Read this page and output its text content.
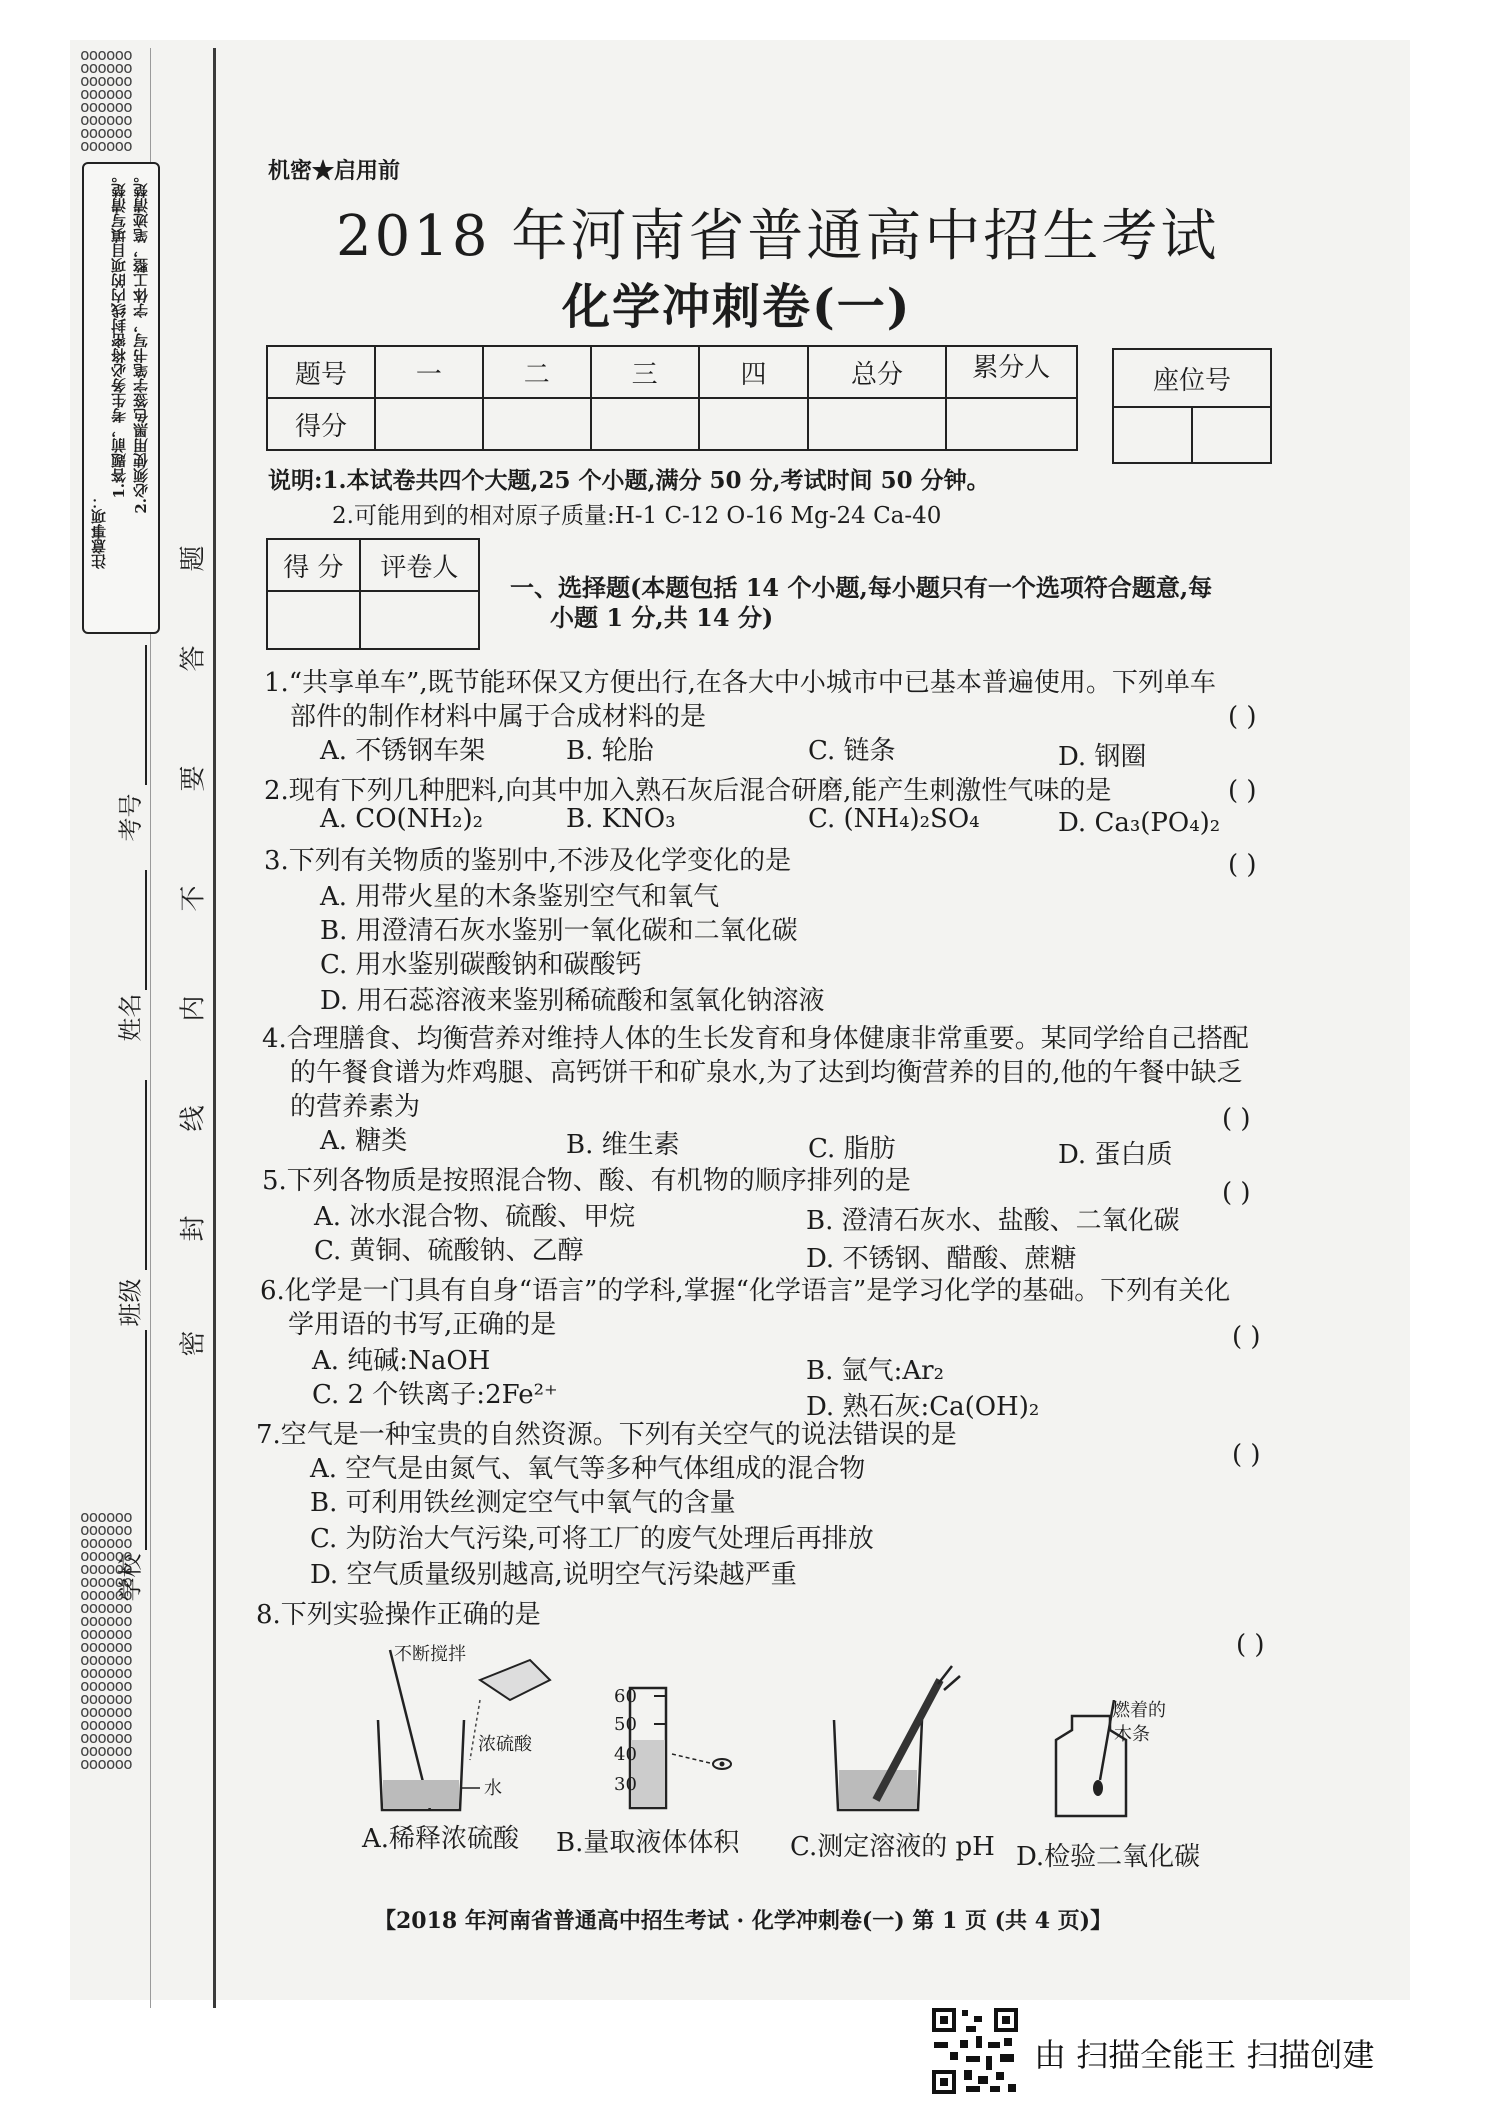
oooooo
oooooo
oooooo
oooooo
oooooo
oooooo
oooooo
oooooo
oooooo
oooooo
oooooo
oooooo
oooooo
oooooo
oooooo
oooooo
oooooo
oooooo
oooooo
oooooo
oooooo
oooooo
oooooo
oooooo
oooooo
oooooo
oooooo
oooooo
注意事项：
1.答题前，考生务必将密封线内的项目填写清楚。 2.必须使用黑色签字笔书写，字体工整，笔迹清楚。
题
答
要
不
内
线
封
密
学校
班级
姓名
考号
机密★启用前
2018 年河南省普通高中招生考试
化学冲刺卷(一)
题号	一	二	三	四	总分	累分人
得分						
座位号

说明:1.本试卷共四个大题,25 个小题,满分 50 分,考试时间 50 分钟。
2.可能用到的相对原子质量:H-1 C-12 O-16 Mg-24 Ca-40
得 分	评卷人

一、选择题(本题包括 14 个小题,每小题只有一个选项符合题意,每
小题 1 分,共 14 分)
1.“共享单车”,既节能环保又方便出行,在各大中小城市中已基本普遍使用。下列单车
部件的制作材料中属于合成材料的是	( )
A. 不锈钢车架	B. 轮胎	C. 链条	D. 钢圈
2.现有下列几种肥料,向其中加入熟石灰后混合研磨,能产生刺激性气味的是	( )
A. CO(NH₂)₂	B. KNO₃	C. (NH₄)₂SO₄	D. Ca₃(PO₄)₂
3.下列有关物质的鉴别中,不涉及化学变化的是	( )
A. 用带火星的木条鉴别空气和氧气
B. 用澄清石灰水鉴别一氧化碳和二氧化碳
C. 用水鉴别碳酸钠和碳酸钙
D. 用石蕊溶液来鉴别稀硫酸和氢氧化钠溶液
4.合理膳食、均衡营养对维持人体的生长发育和身体健康非常重要。某同学给自己搭配
的午餐食谱为炸鸡腿、高钙饼干和矿泉水,为了达到均衡营养的目的,他的午餐中缺乏
的营养素为	( )
A. 糖类	B. 维生素	C. 脂肪	D. 蛋白质
5.下列各物质是按照混合物、酸、有机物的顺序排列的是	( )
A. 冰水混合物、硫酸、甲烷	B. 澄清石灰水、盐酸、二氧化碳
C. 黄铜、硫酸钠、乙醇	D. 不锈钢、醋酸、蔗糖
6.化学是一门具有自身“语言”的学科,掌握“化学语言”是学习化学的基础。下列有关化
学用语的书写,正确的是	( )
A. 纯碱:NaOH	B. 氩气:Ar₂
C. 2 个铁离子:2Fe²⁺	D. 熟石灰:Ca(OH)₂
7.空气是一种宝贵的自然资源。下列有关空气的说法错误的是
( )
A. 空气是由氮气、氧气等多种气体组成的混合物
B. 可利用铁丝测定空气中氧气的含量
C. 为防治大气污染,可将工厂的废气处理后再排放
D. 空气质量级别越高,说明空气污染越严重
8.下列实验操作正确的是
( )
不断搅拌
浓硫酸
水
60
50
40
30
燃着的
木条
A.稀释浓硫酸 B.量取液体体积 C.测定溶液的 pH D.检验二氧化碳
【2018 年河南省普通高中招生考试 · 化学冲刺卷(一) 第 1 页 (共 4 页)】
由 扫描全能王 扫描创建
